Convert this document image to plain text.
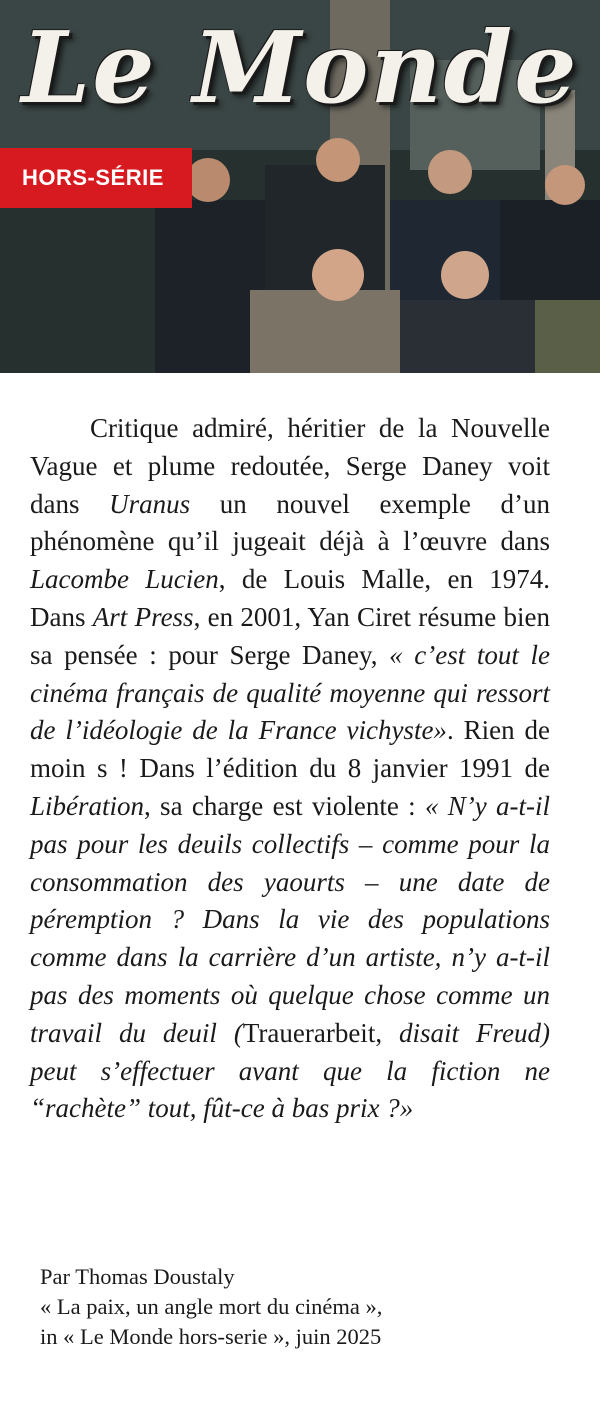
Le Monde
HORS-SÉRIE

Critique admiré, héritier de la Nouvelle Vague et plume redoutée, Serge Daney voit dans Uranus un nouvel exemple d’un phénomène qu’il jugeait déjà à l’œuvre dans Lacombe Lucien, de Louis Malle, en 1974. Dans Art Press, en 2001, Yan Ciret résume bien sa pensée : pour Serge Daney, « c’est tout le cinéma français de qualité moyenne qui ressort de l’idéologie de la France vichyste». Rien de moin s ! Dans l’édition du 8 janvier 1991 de Libération, sa charge est violente : « N’y a-t-il pas pour les deuils collectifs – comme pour la consommation des yaourts – une date de péremption ? Dans la vie des populations comme dans la carrière d’un artiste, n’y a-t-il pas des moments où quelque chose comme un travail du deuil (Trauerarbeit, disait Freud) peut s’effectuer avant que la fiction ne “rachète” tout, fût-ce à bas prix ?»

Par Thomas Doustaly
« La paix, un angle mort du cinéma »,
in « Le Monde hors-serie », juin 2025
